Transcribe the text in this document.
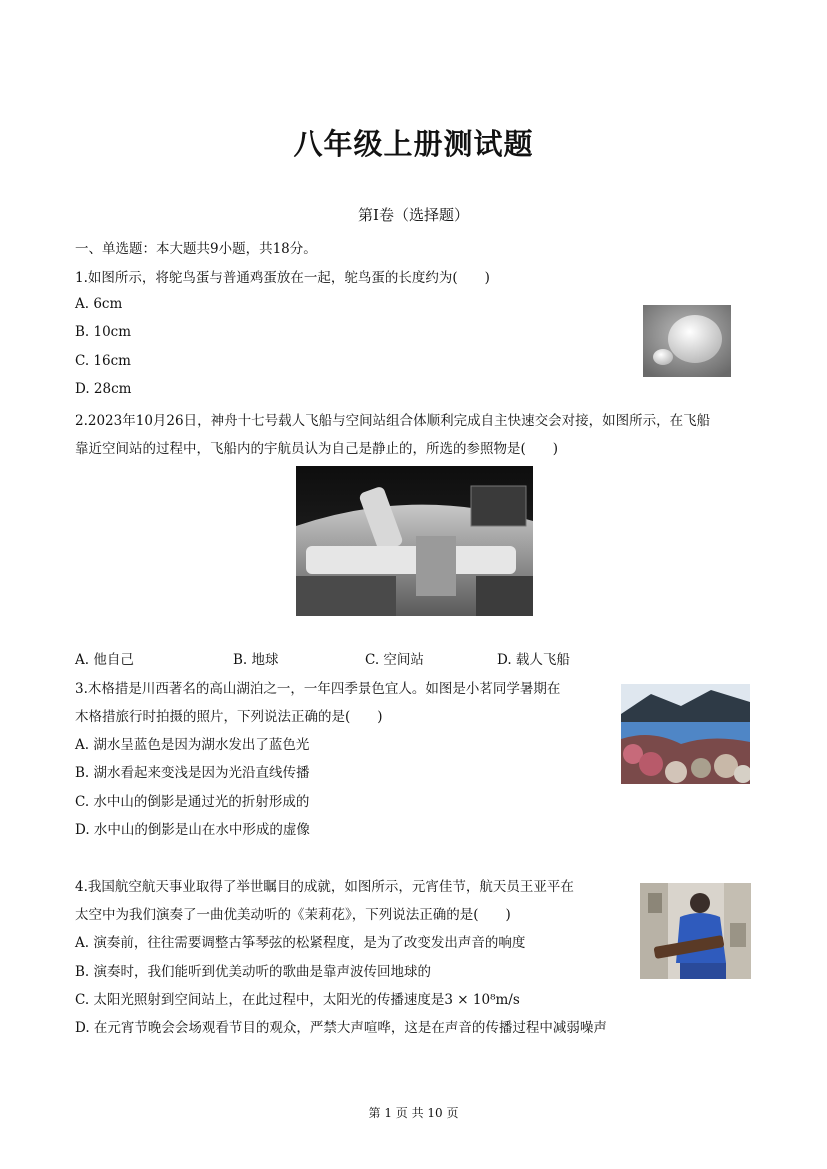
八年级上册测试题
第Ⅰ卷（选择题）
一、单选题：本大题共9小题，共18分。
1.如图所示，将鸵鸟蛋与普通鸡蛋放在一起，鸵鸟蛋的长度约为(　　)
A. 6cm
B. 10cm
C. 16cm
D. 28cm
2.2023年10月26日，神舟十七号载人飞船与空间站组合体顺利完成自主快速交会对接，如图所示，在飞船
靠近空间站的过程中，飞船内的宇航员认为自己是静止的，所选的参照物是(　　)
A. 他自己	B. 地球	C. 空间站	D. 载人飞船
3.木格措是川西著名的高山湖泊之一，一年四季景色宜人。如图是小茗同学暑期在
木格措旅行时拍摄的照片，下列说法正确的是(　　)
A. 湖水呈蓝色是因为湖水发出了蓝色光
B. 湖水看起来变浅是因为光沿直线传播
C. 水中山的倒影是通过光的折射形成的
D. 水中山的倒影是山在水中形成的虚像
4.我国航空航天事业取得了举世瞩目的成就，如图所示，元宵佳节，航天员王亚平在
太空中为我们演奏了一曲优美动听的《茉莉花》，下列说法正确的是(　　)
A. 演奏前，往往需要调整古筝琴弦的松紧程度，是为了改变发出声音的响度
B. 演奏时，我们能听到优美动听的歌曲是靠声波传回地球的
C. 太阳光照射到空间站上，在此过程中，太阳光的传播速度是3 × 10⁸m/s
D. 在元宵节晚会会场观看节目的观众，严禁大声喧哗，这是在声音的传播过程中减弱噪声
第 1 页 共 10 页
